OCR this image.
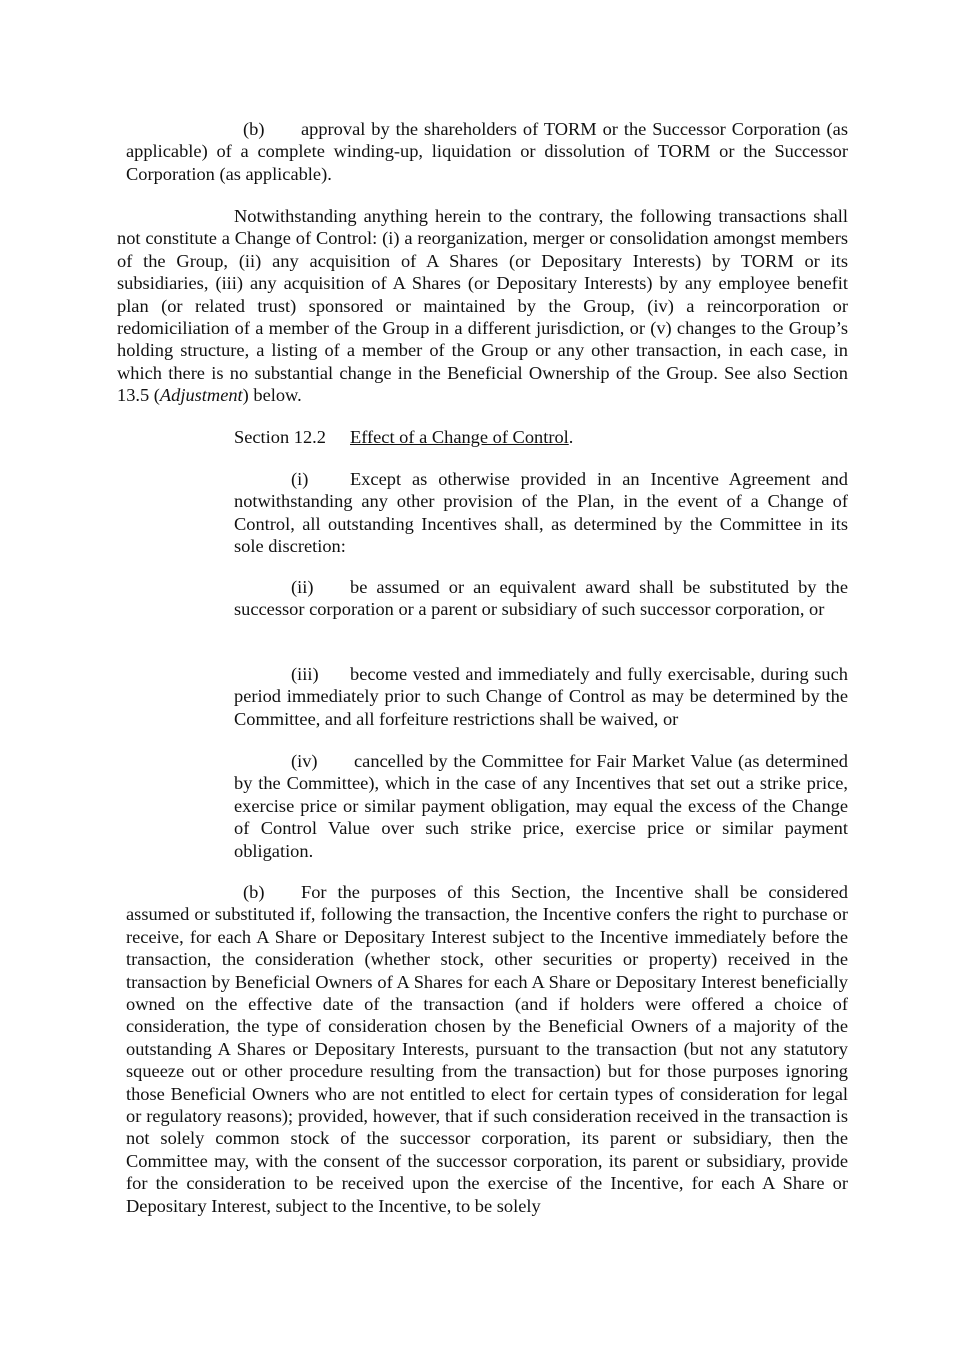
(b) approval by the shareholders of TORM or the Successor Corporation (as applicable) of a complete winding-up, liquidation or dissolution of TORM or the Successor Corporation (as applicable).

Notwithstanding anything herein to the contrary, the following transactions shall not constitute a Change of Control: (i) a reorganization, merger or consolidation amongst members of the Group, (ii) any acquisition of A Shares (or Depositary Interests) by TORM or its subsidiaries, (iii) any acquisition of A Shares (or Depositary Interests) by any employee benefit plan (or related trust) sponsored or maintained by the Group, (iv) a reincorporation or redomiciliation of a member of the Group in a different jurisdiction, or (v) changes to the Group’s holding structure, a listing of a member of the Group or any other transaction, in each case, in which there is no substantial change in the Beneficial Ownership of the Group. See also Section 13.5 (Adjustment) below.

Section 12.2 Effect of a Change of Control.

(i) Except as otherwise provided in an Incentive Agreement and notwithstanding any other provision of the Plan, in the event of a Change of Control, all outstanding Incentives shall, as determined by the Committee in its sole discretion:

(ii) be assumed or an equivalent award shall be substituted by the successor corporation or a parent or subsidiary of such successor corporation, or

(iii) become vested and immediately and fully exercisable, during such period immediately prior to such Change of Control as may be determined by the Committee, and all forfeiture restrictions shall be waived, or

(iv) cancelled by the Committee for Fair Market Value (as determined by the Committee), which in the case of any Incentives that set out a strike price, exercise price or similar payment obligation, may equal the excess of the Change of Control Value over such strike price, exercise price or similar payment obligation.

(b) For the purposes of this Section, the Incentive shall be considered assumed or substituted if, following the transaction, the Incentive confers the right to purchase or receive, for each A Share or Depositary Interest subject to the Incentive immediately before the transaction, the consideration (whether stock, other securities or property) received in the transaction by Beneficial Owners of A Shares for each A Share or Depositary Interest beneficially owned on the effective date of the transaction (and if holders were offered a choice of consideration, the type of consideration chosen by the Beneficial Owners of a majority of the outstanding A Shares or Depositary Interests, pursuant to the transaction (but not any statutory squeeze out or other procedure resulting from the transaction) but for those purposes ignoring those Beneficial Owners who are not entitled to elect for certain types of consideration for legal or regulatory reasons); provided, however, that if such consideration received in the transaction is not solely common stock of the successor corporation, its parent or subsidiary, then the Committee may, with the consent of the successor corporation, its parent or subsidiary, provide for the consideration to be received upon the exercise of the Incentive, for each A Share or Depositary Interest, subject to the Incentive, to be solely
